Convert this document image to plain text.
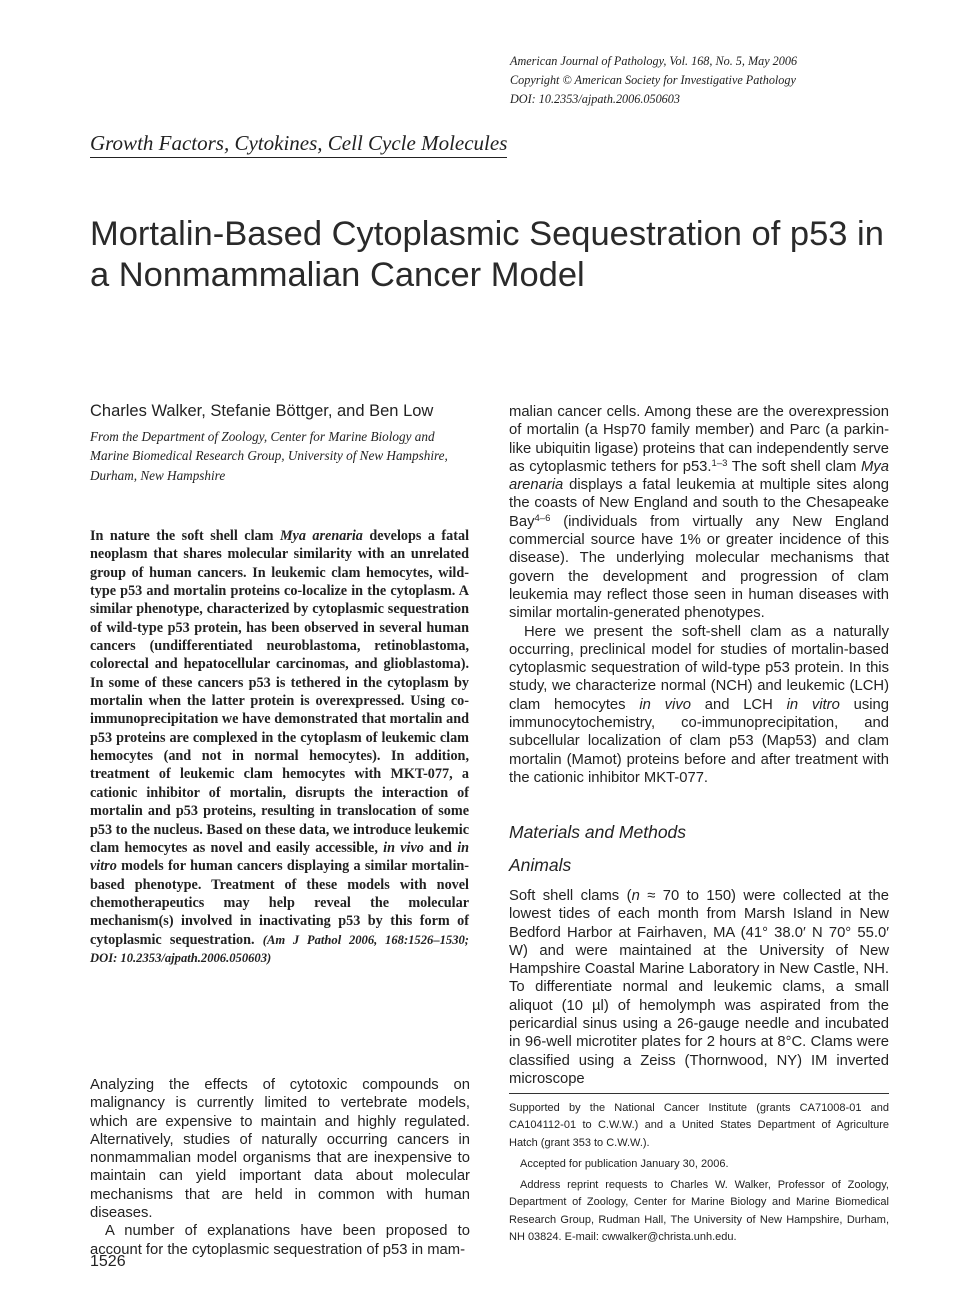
American Journal of Pathology, Vol. 168, No. 5, May 2006
Copyright © American Society for Investigative Pathology
DOI: 10.2353/ajpath.2006.050603
Growth Factors, Cytokines, Cell Cycle Molecules
Mortalin-Based Cytoplasmic Sequestration of p53 in a Nonmammalian Cancer Model
Charles Walker, Stefanie Böttger, and Ben Low
From the Department of Zoology, Center for Marine Biology and Marine Biomedical Research Group, University of New Hampshire, Durham, New Hampshire

In nature the soft shell clam Mya arenaria develops a fatal neoplasm that shares molecular similarity with an unrelated group of human cancers. In leukemic clam hemocytes, wild-type p53 and mortalin proteins co-localize in the cytoplasm. A similar phenotype, characterized by cytoplasmic sequestration of wild-type p53 protein, has been observed in several human cancers (undifferentiated neuroblastoma, retinoblastoma, colorectal and hepatocellular carcinomas, and glioblastoma). In some of these cancers p53 is tethered in the cytoplasm by mortalin when the latter protein is overexpressed. Using co-immunoprecipitation we have demonstrated that mortalin and p53 proteins are complexed in the cytoplasm of leukemic clam hemocytes (and not in normal hemocytes). In addition, treatment of leukemic clam hemocytes with MKT-077, a cationic inhibitor of mortalin, disrupts the interaction of mortalin and p53 proteins, resulting in translocation of some p53 to the nucleus. Based on these data, we introduce leukemic clam hemocytes as novel and easily accessible, in vivo and in vitro models for human cancers displaying a similar mortalin-based phenotype. Treatment of these models with novel chemotherapeutics may help reveal the molecular mechanism(s) involved in inactivating p53 by this form of cytoplasmic sequestration. (Am J Pathol 2006, 168:1526–1530; DOI: 10.2353/ajpath.2006.050603)

Analyzing the effects of cytotoxic compounds on malignancy is currently limited to vertebrate models, which are expensive to maintain and highly regulated. Alternatively, studies of naturally occurring cancers in nonmammalian model organisms that are inexpensive to maintain can yield important data about molecular mechanisms that are held in common with human diseases.

A number of explanations have been proposed to account for the cytoplasmic sequestration of p53 in mam-

malian cancer cells. Among these are the overexpression of mortalin (a Hsp70 family member) and Parc (a parkin-like ubiquitin ligase) proteins that can independently serve as cytoplasmic tethers for p53.$^{1-3}$ The soft shell clam Mya arenaria displays a fatal leukemia at multiple sites along the coasts of New England and south to the Chesapeake Bay$^{4-6}$ (individuals from virtually any New England commercial source have 1% or greater incidence of this disease). The underlying molecular mechanisms that govern the development and progression of clam leukemia may reflect those seen in human diseases with similar mortalin-generated phenotypes.

Here we present the soft-shell clam as a naturally occurring, preclinical model for studies of mortalin-based cytoplasmic sequestration of wild-type p53 protein. In this study, we characterize normal (NCH) and leukemic (LCH) clam hemocytes in vivo and LCH in vitro using immunocytochemistry, co-immunoprecipitation, and subcellular localization of clam p53 (Map53) and clam mortalin (Mamot) proteins before and after treatment with the cationic inhibitor MKT-077.

Materials and Methods
Animals

Soft shell clams (n ≈ 70 to 150) were collected at the lowest tides of each month from Marsh Island in New Bedford Harbor at Fairhaven, MA (41° 38.0′ N 70° 55.0′ W) and were maintained at the University of New Hampshire Coastal Marine Laboratory in New Castle, NH. To differentiate normal and leukemic clams, a small aliquot (10 µl) of hemolymph was aspirated from the pericardial sinus using a 26-gauge needle and incubated in 96-well microtiter plates for 2 hours at 8°C. Clams were classified using a Zeiss (Thornwood, NY) IM inverted microscope

Supported by the National Cancer Institute (grants CA71008-01 and CA104112-01 to C.W.W.) and a United States Department of Agriculture Hatch (grant 353 to C.W.W.).

Accepted for publication January 30, 2006.

Address reprint requests to Charles W. Walker, Professor of Zoology, Department of Zoology, Center for Marine Biology and Marine Biomedical Research Group, Rudman Hall, The University of New Hampshire, Durham, NH 03824. E-mail: cwwalker@christa.unh.edu.

1526
